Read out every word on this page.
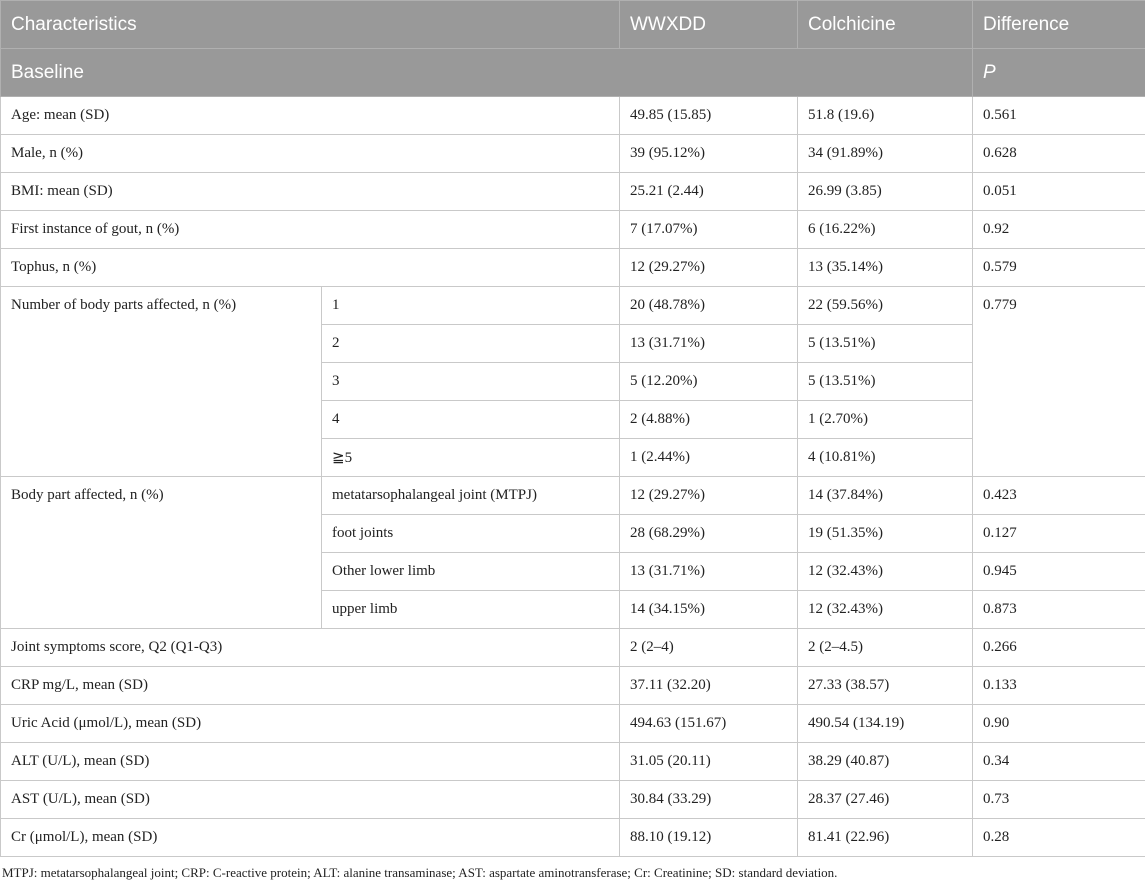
Characteristics		WWXDD	Colchicine	Difference
Baseline				P
Age: mean (SD)		49.85 (15.85)	51.8 (19.6)	0.561
Male, n (%)		39 (95.12%)	34 (91.89%)	0.628
BMI: mean (SD)		25.21 (2.44)	26.99 (3.85)	0.051
First instance of gout, n (%)		7 (17.07%)	6 (16.22%)	0.92
Tophus, n (%)		12 (29.27%)	13 (35.14%)	0.579
Number of body parts affected, n (%)	1	20 (48.78%)	22 (59.56%)	0.779
	2	13 (31.71%)	5 (13.51%)	
	3	5 (12.20%)	5 (13.51%)	
	4	2 (4.88%)	1 (2.70%)	
	≧5	1 (2.44%)	4 (10.81%)	
Body part affected, n (%)	metatarsophalangeal joint (MTPJ)	12 (29.27%)	14 (37.84%)	0.423
	foot joints	28 (68.29%)	19 (51.35%)	0.127
	Other lower limb	13 (31.71%)	12 (32.43%)	0.945
	upper limb	14 (34.15%)	12 (32.43%)	0.873
Joint symptoms score, Q2 (Q1-Q3)		2 (2–4)	2 (2–4.5)	0.266
CRP mg/L, mean (SD)		37.11 (32.20)	27.33 (38.57)	0.133
Uric Acid (μmol/L), mean (SD)		494.63 (151.67)	490.54 (134.19)	0.90
ALT (U/L), mean (SD)		31.05 (20.11)	38.29 (40.87)	0.34
AST (U/L), mean (SD)		30.84 (33.29)	28.37 (27.46)	0.73
Cr (μmol/L), mean (SD)		88.10 (19.12)	81.41 (22.96)	0.28
MTPJ: metatarsophalangeal joint; CRP: C-reactive protein; ALT: alanine transaminase; AST: aspartate aminotransferase; Cr: Creatinine; SD: standard deviation.
